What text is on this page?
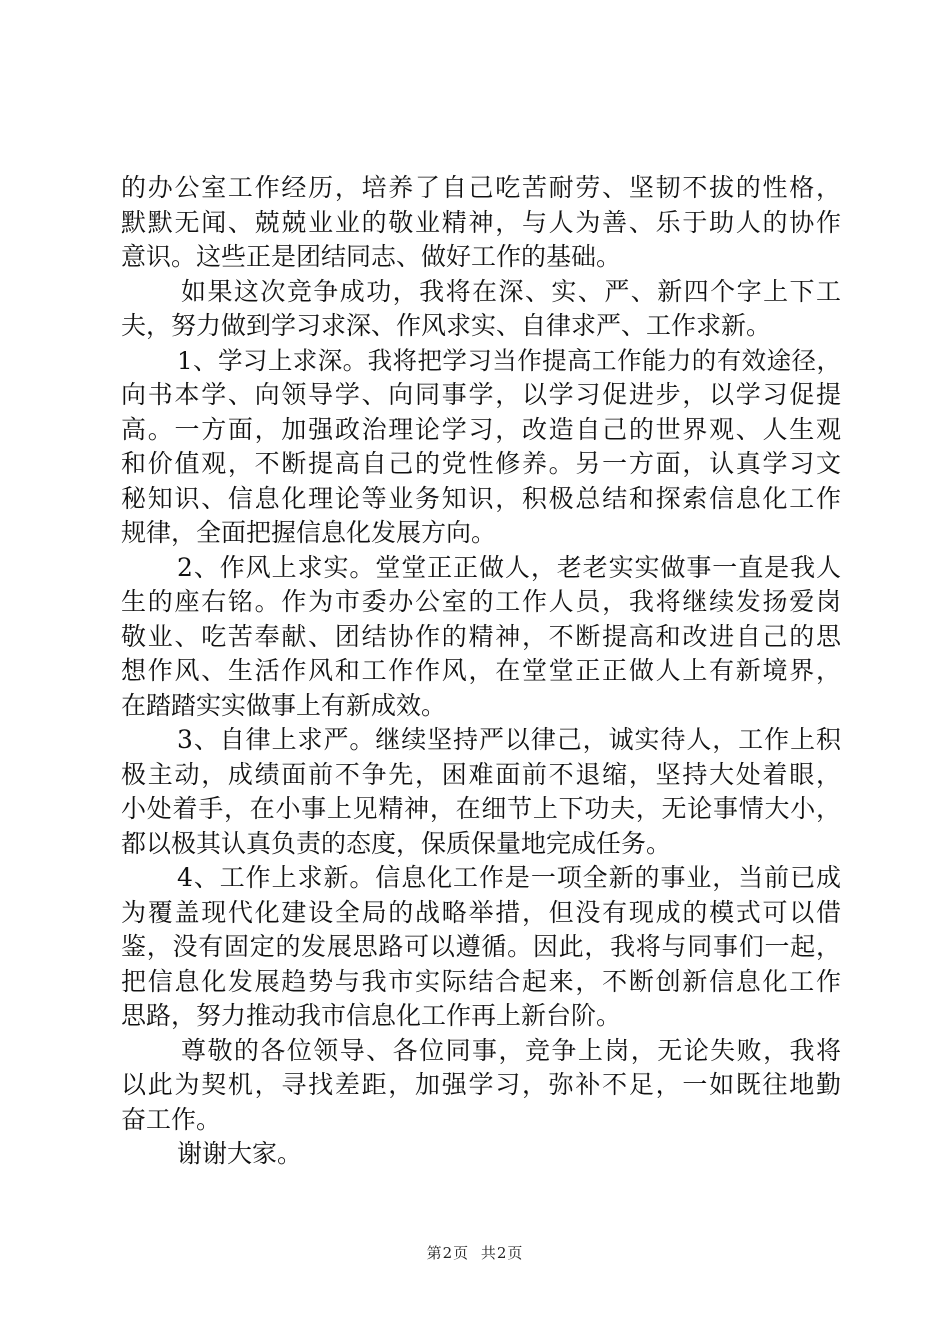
的办公室工作经历，培养了自己吃苦耐劳、坚韧不拔的性格，
默默无闻、兢兢业业的敬业精神，与人为善、乐于助人的协作
意识。这些正是团结同志、做好工作的基础。
如果这次竞争成功，我将在深、实、严、新四个字上下工
夫，努力做到学习求深、作风求实、自律求严、工作求新。
1、学习上求深。我将把学习当作提高工作能力的有效途径，
向书本学、向领导学、向同事学，以学习促进步，以学习促提
高。一方面，加强政治理论学习，改造自己的世界观、人生观
和价值观，不断提高自己的党性修养。另一方面，认真学习文
秘知识、信息化理论等业务知识，积极总结和探索信息化工作
规律，全面把握信息化发展方向。
2、作风上求实。堂堂正正做人，老老实实做事一直是我人
生的座右铭。作为市委办公室的工作人员，我将继续发扬爱岗
敬业、吃苦奉献、团结协作的精神，不断提高和改进自己的思
想作风、生活作风和工作作风，在堂堂正正做人上有新境界，
在踏踏实实做事上有新成效。
3、自律上求严。继续坚持严以律己，诚实待人，工作上积
极主动，成绩面前不争先，困难面前不退缩，坚持大处着眼，
小处着手，在小事上见精神，在细节上下功夫，无论事情大小，
都以极其认真负责的态度，保质保量地完成任务。
4、工作上求新。信息化工作是一项全新的事业，当前已成
为覆盖现代化建设全局的战略举措，但没有现成的模式可以借
鉴，没有固定的发展思路可以遵循。因此，我将与同事们一起，
把信息化发展趋势与我市实际结合起来，不断创新信息化工作
思路，努力推动我市信息化工作再上新台阶。
尊敬的各位领导、各位同事，竞争上岗，无论失败，我将
以此为契机，寻找差距，加强学习，弥补不足，一如既往地勤
奋工作。
谢谢大家。
第2页 共2页
